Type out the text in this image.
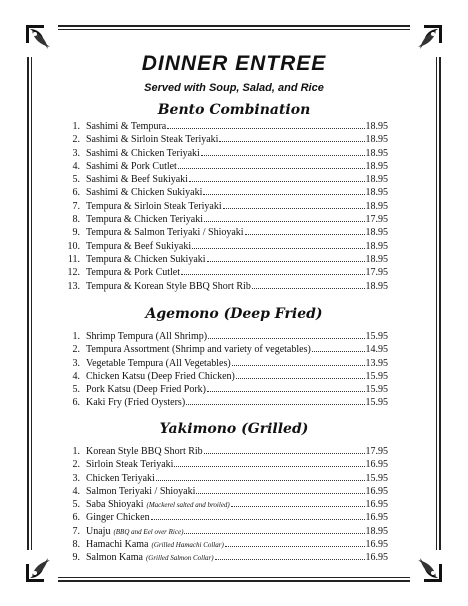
DINNER ENTREE
Served with Soup, Salad, and Rice
Bento Combination
1. Sashimi & Tempura	18.95
2. Sashimi & Sirloin Steak Teriyaki	18.95
3. Sashimi & Chicken Teriyaki	18.95
4. Sashimi & Pork Cutlet	18.95
5. Sashimi & Beef Sukiyaki	18.95
6. Sashimi & Chicken Sukiyaki	18.95
7. Tempura & Sirloin Steak Teriyaki	18.95
8. Tempura & Chicken Teriyaki	17.95
9. Tempura & Salmon Teriyaki / Shioyaki	18.95
10. Tempura & Beef Sukiyaki	18.95
11. Tempura & Chicken Sukiyaki	18.95
12. Tempura & Pork Cutlet	17.95
13. Tempura & Korean Style BBQ Short Rib	18.95
Agemono (Deep Fried)
1. Shrimp Tempura (All Shrimp)	15.95
2. Tempura Assortment (Shrimp and variety of vegetables)	14.95
3. Vegetable Tempura (All Vegetables)	13.95
4. Chicken Katsu (Deep Fried Chicken)	15.95
5. Pork Katsu (Deep Fried Pork)	15.95
6. Kaki Fry (Fried Oysters)	15.95
Yakimono (Grilled)
1. Korean Style BBQ Short Rib	17.95
2. Sirloin Steak Teriyaki	16.95
3. Chicken Teriyaki	15.95
4. Salmon Teriyaki / Shioyaki	16.95
5. Saba Shioyaki (Mackerel salted and broiled)	16.95
6. Ginger Chicken	16.95
7. Unaju (BBQ and Eel over Rice)	18.95
8. Hamachi Kama (Grilled Hamachi Collar)	16.95
9. Salmon Kama (Grilled Salmon Collar)	16.95
